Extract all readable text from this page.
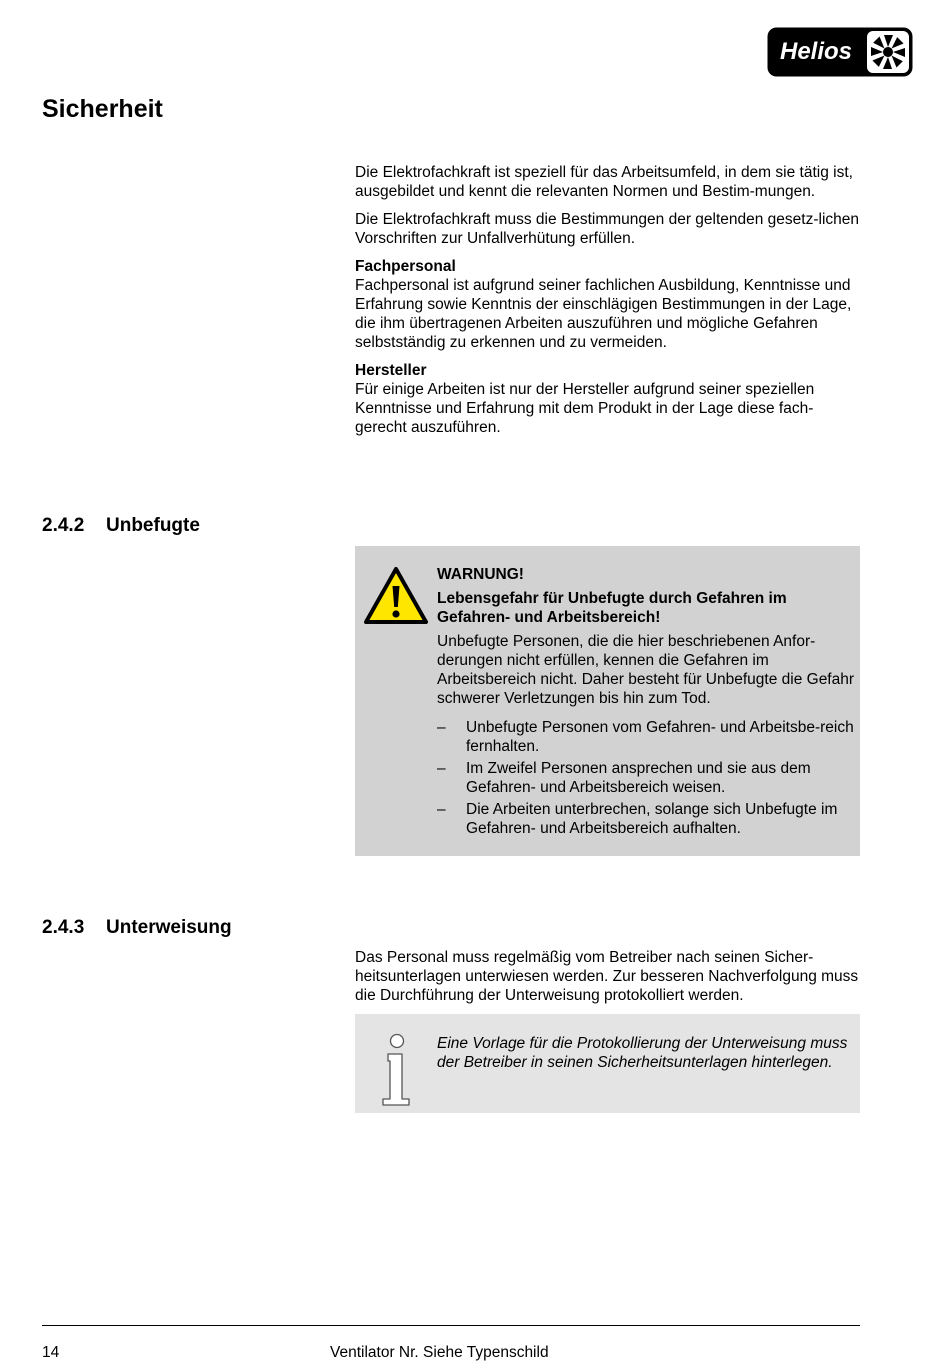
Helios
Sicherheit

Die Elektrofachkraft ist speziell für das Arbeitsumfeld, in dem sie tätig ist, ausgebildet und kennt die relevanten Normen und Bestim-mungen.

Die Elektrofachkraft muss die Bestimmungen der geltenden gesetz-lichen Vorschriften zur Unfallverhütung erfüllen.

Fachpersonal

Fachpersonal ist aufgrund seiner fachlichen Ausbildung, Kenntnisse und Erfahrung sowie Kenntnis der einschlägigen Bestimmungen in der Lage, die ihm übertragenen Arbeiten auszuführen und mögliche Gefahren selbstständig zu erkennen und zu vermeiden.

Hersteller

Für einige Arbeiten ist nur der Hersteller aufgrund seiner speziellen Kenntnisse und Erfahrung mit dem Produkt in der Lage diese fach-gerecht auszuführen.

2.4.2 Unbefugte

WARNUNG!

Lebensgefahr für Unbefugte durch Gefahren im Gefahren- und Arbeitsbereich!

Unbefugte Personen, die die hier beschriebenen Anfor-derungen nicht erfüllen, kennen die Gefahren im Arbeitsbereich nicht. Daher besteht für Unbefugte die Gefahr schwerer Verletzungen bis hin zum Tod.

– Unbefugte Personen vom Gefahren- und Arbeitsbe-reich fernhalten.
– Im Zweifel Personen ansprechen und sie aus dem Gefahren- und Arbeitsbereich weisen.
– Die Arbeiten unterbrechen, solange sich Unbefugte im Gefahren- und Arbeitsbereich aufhalten.
2.4.3 Unterweisung

Das Personal muss regelmäßig vom Betreiber nach seinen Sicher-heitsunterlagen unterwiesen werden. Zur besseren Nachverfolgung muss die Durchführung der Unterweisung protokolliert werden.

Eine Vorlage für die Protokollierung der Unterweisung muss der Betreiber in seinen Sicherheitsunterlagen hinterlegen.
14	Ventilator Nr. Siehe Typenschild
